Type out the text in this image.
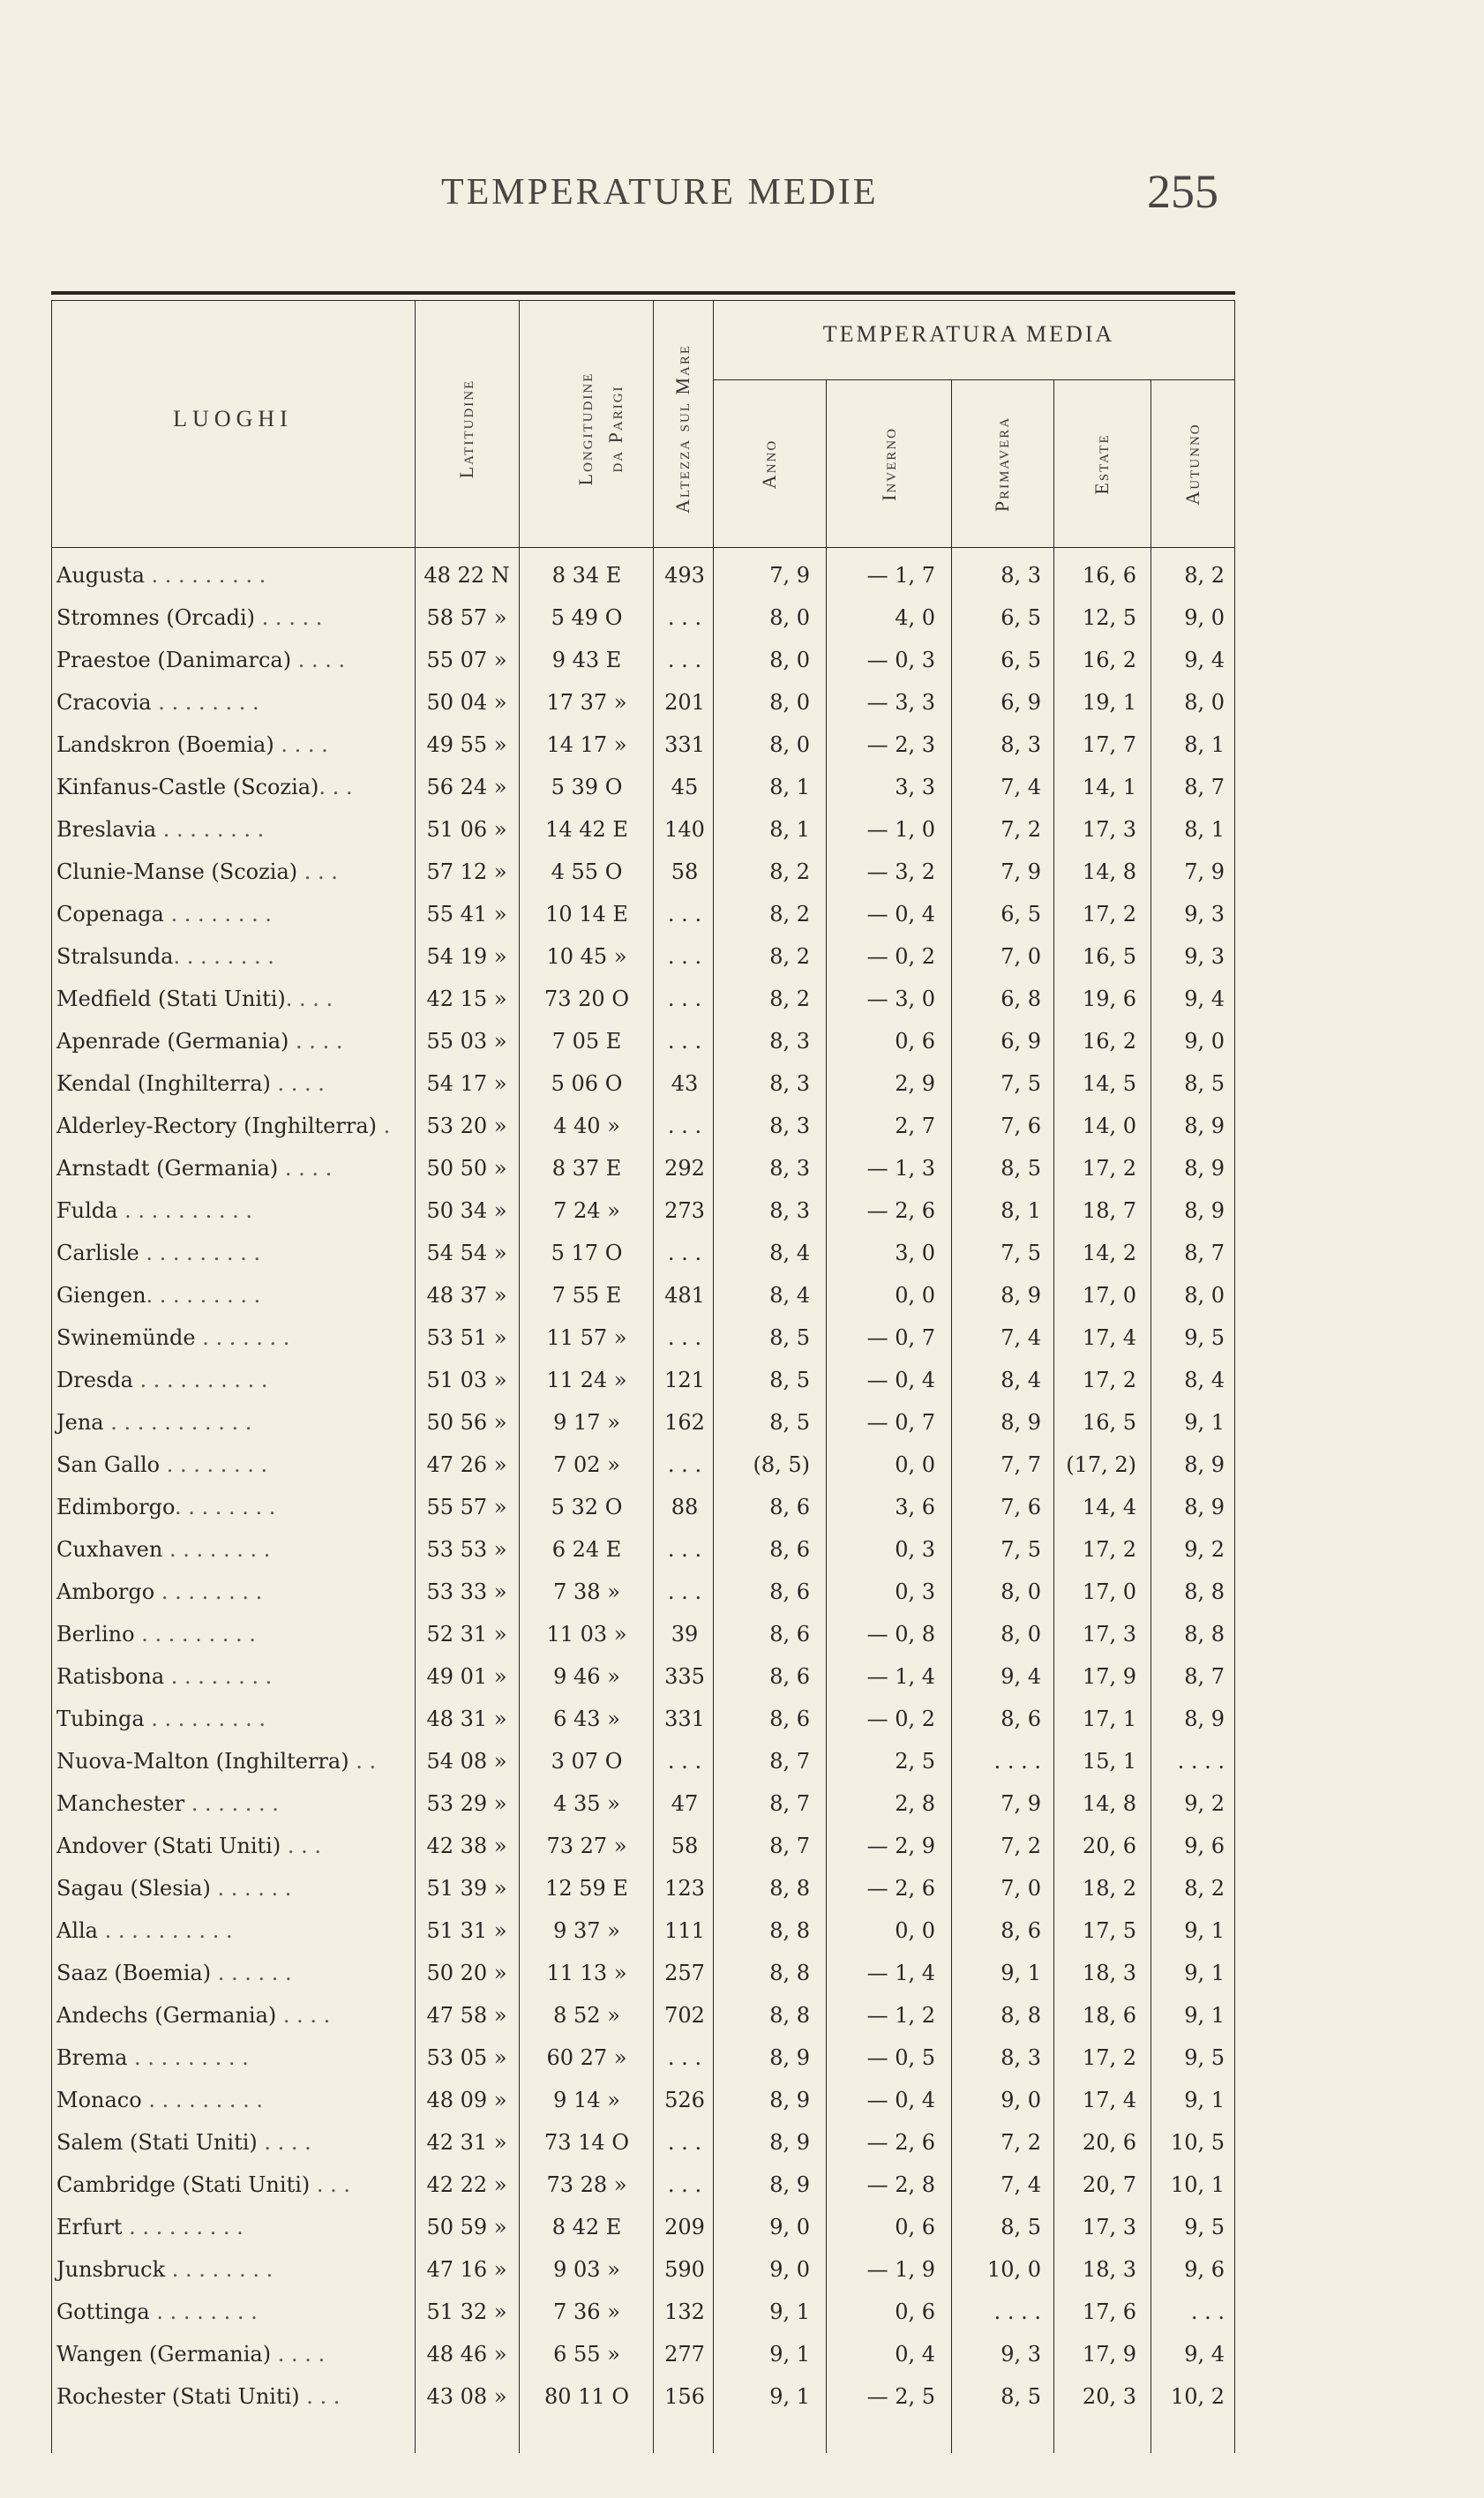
TEMPERATURE MEDIE	255
LUOGHI
TEMPERATURA MEDIA
Latitudine	Longitudine da Parigi	Altezza sul Mare	Anno	Inverno	Primavera	Estate	Autunno
Augusta . . . . . . . . .	48 22 N	8 34 E	493	7, 9	— 1, 7	8, 3	16, 6	8, 2
Stromnes (Orcadi) . . . . .	58 57 »	5 49 O	. . .	8, 0	4, 0	6, 5	12, 5	9, 0
Praestoe (Danimarca) . . . .	55 07 »	9 43 E	. . .	8, 0	— 0, 3	6, 5	16, 2	9, 4
Cracovia . . . . . . . .	50 04 »	17 37 »	201	8, 0	— 3, 3	6, 9	19, 1	8, 0
Landskron (Boemia) . . . .	49 55 »	14 17 »	331	8, 0	— 2, 3	8, 3	17, 7	8, 1
Kinfanus-Castle (Scozia). . .	56 24 »	5 39 O	45	8, 1	3, 3	7, 4	14, 1	8, 7
Breslavia . . . . . . . .	51 06 »	14 42 E	140	8, 1	— 1, 0	7, 2	17, 3	8, 1
Clunie-Manse (Scozia) . . .	57 12 »	4 55 O	58	8, 2	— 3, 2	7, 9	14, 8	7, 9
Copenaga . . . . . . . .	55 41 »	10 14 E	. . .	8, 2	— 0, 4	6, 5	17, 2	9, 3
Stralsunda. . . . . . . .	54 19 »	10 45 »	. . .	8, 2	— 0, 2	7, 0	16, 5	9, 3
Medfield (Stati Uniti). . . .	42 15 »	73 20 O	. . .	8, 2	— 3, 0	6, 8	19, 6	9, 4
Apenrade (Germania) . . . .	55 03 »	7 05 E	. . .	8, 3	0, 6	6, 9	16, 2	9, 0
Kendal (Inghilterra) . . . .	54 17 »	5 06 O	43	8, 3	2, 9	7, 5	14, 5	8, 5
Alderley-Rectory (Inghilterra) .	53 20 »	4 40 »	. . .	8, 3	2, 7	7, 6	14, 0	8, 9
Arnstadt (Germania) . . . .	50 50 »	8 37 E	292	8, 3	— 1, 3	8, 5	17, 2	8, 9
Fulda . . . . . . . . . .	50 34 »	7 24 »	273	8, 3	— 2, 6	8, 1	18, 7	8, 9
Carlisle . . . . . . . . .	54 54 »	5 17 O	. . .	8, 4	3, 0	7, 5	14, 2	8, 7
Giengen. . . . . . . . .	48 37 »	7 55 E	481	8, 4	0, 0	8, 9	17, 0	8, 0
Swinemünde . . . . . . .	53 51 »	11 57 »	. . .	8, 5	— 0, 7	7, 4	17, 4	9, 5
Dresda . . . . . . . . . .	51 03 »	11 24 »	121	8, 5	— 0, 4	8, 4	17, 2	8, 4
Jena . . . . . . . . . . .	50 56 »	9 17 »	162	8, 5	— 0, 7	8, 9	16, 5	9, 1
San Gallo . . . . . . . .	47 26 »	7 02 »	. . .	(8, 5)	0, 0	7, 7	(17, 2)	8, 9
Edimborgo. . . . . . . .	55 57 »	5 32 O	88	8, 6	3, 6	7, 6	14, 4	8, 9
Cuxhaven . . . . . . . .	53 53 »	6 24 E	. . .	8, 6	0, 3	7, 5	17, 2	9, 2
Amborgo . . . . . . . .	53 33 »	7 38 »	. . .	8, 6	0, 3	8, 0	17, 0	8, 8
Berlino . . . . . . . . .	52 31 »	11 03 »	39	8, 6	— 0, 8	8, 0	17, 3	8, 8
Ratisbona . . . . . . . .	49 01 »	9 46 »	335	8, 6	— 1, 4	9, 4	17, 9	8, 7
Tubinga . . . . . . . . .	48 31 »	6 43 »	331	8, 6	— 0, 2	8, 6	17, 1	8, 9
Nuova-Malton (Inghilterra) . .	54 08 »	3 07 O	. . .	8, 7	2, 5	. . . .	15, 1	. . . .
Manchester . . . . . . .	53 29 »	4 35 »	47	8, 7	2, 8	7, 9	14, 8	9, 2
Andover (Stati Uniti) . . .	42 38 »	73 27 »	58	8, 7	— 2, 9	7, 2	20, 6	9, 6
Sagau (Slesia) . . . . . .	51 39 »	12 59 E	123	8, 8	— 2, 6	7, 0	18, 2	8, 2
Alla . . . . . . . . . .	51 31 »	9 37 »	111	8, 8	0, 0	8, 6	17, 5	9, 1
Saaz (Boemia) . . . . . .	50 20 »	11 13 »	257	8, 8	— 1, 4	9, 1	18, 3	9, 1
Andechs (Germania) . . . .	47 58 »	8 52 »	702	8, 8	— 1, 2	8, 8	18, 6	9, 1
Brema . . . . . . . . .	53 05 »	60 27 »	. . .	8, 9	— 0, 5	8, 3	17, 2	9, 5
Monaco . . . . . . . . .	48 09 »	9 14 »	526	8, 9	— 0, 4	9, 0	17, 4	9, 1
Salem (Stati Uniti) . . . .	42 31 »	73 14 O	. . .	8, 9	— 2, 6	7, 2	20, 6	10, 5
Cambridge (Stati Uniti) . . .	42 22 »	73 28 »	. . .	8, 9	— 2, 8	7, 4	20, 7	10, 1
Erfurt . . . . . . . . .	50 59 »	8 42 E	209	9, 0	0, 6	8, 5	17, 3	9, 5
Junsbruck . . . . . . . .	47 16 »	9 03 »	590	9, 0	— 1, 9	10, 0	18, 3	9, 6
Gottinga . . . . . . . .	51 32 »	7 36 »	132	9, 1	0, 6	. . . .	17, 6	. . .
Wangen (Germania) . . . .	48 46 »	6 55 »	277	9, 1	0, 4	9, 3	17, 9	9, 4
Rochester (Stati Uniti) . . .	43 08 »	80 11 O	156	9, 1	— 2, 5	8, 5	20, 3	10, 2
